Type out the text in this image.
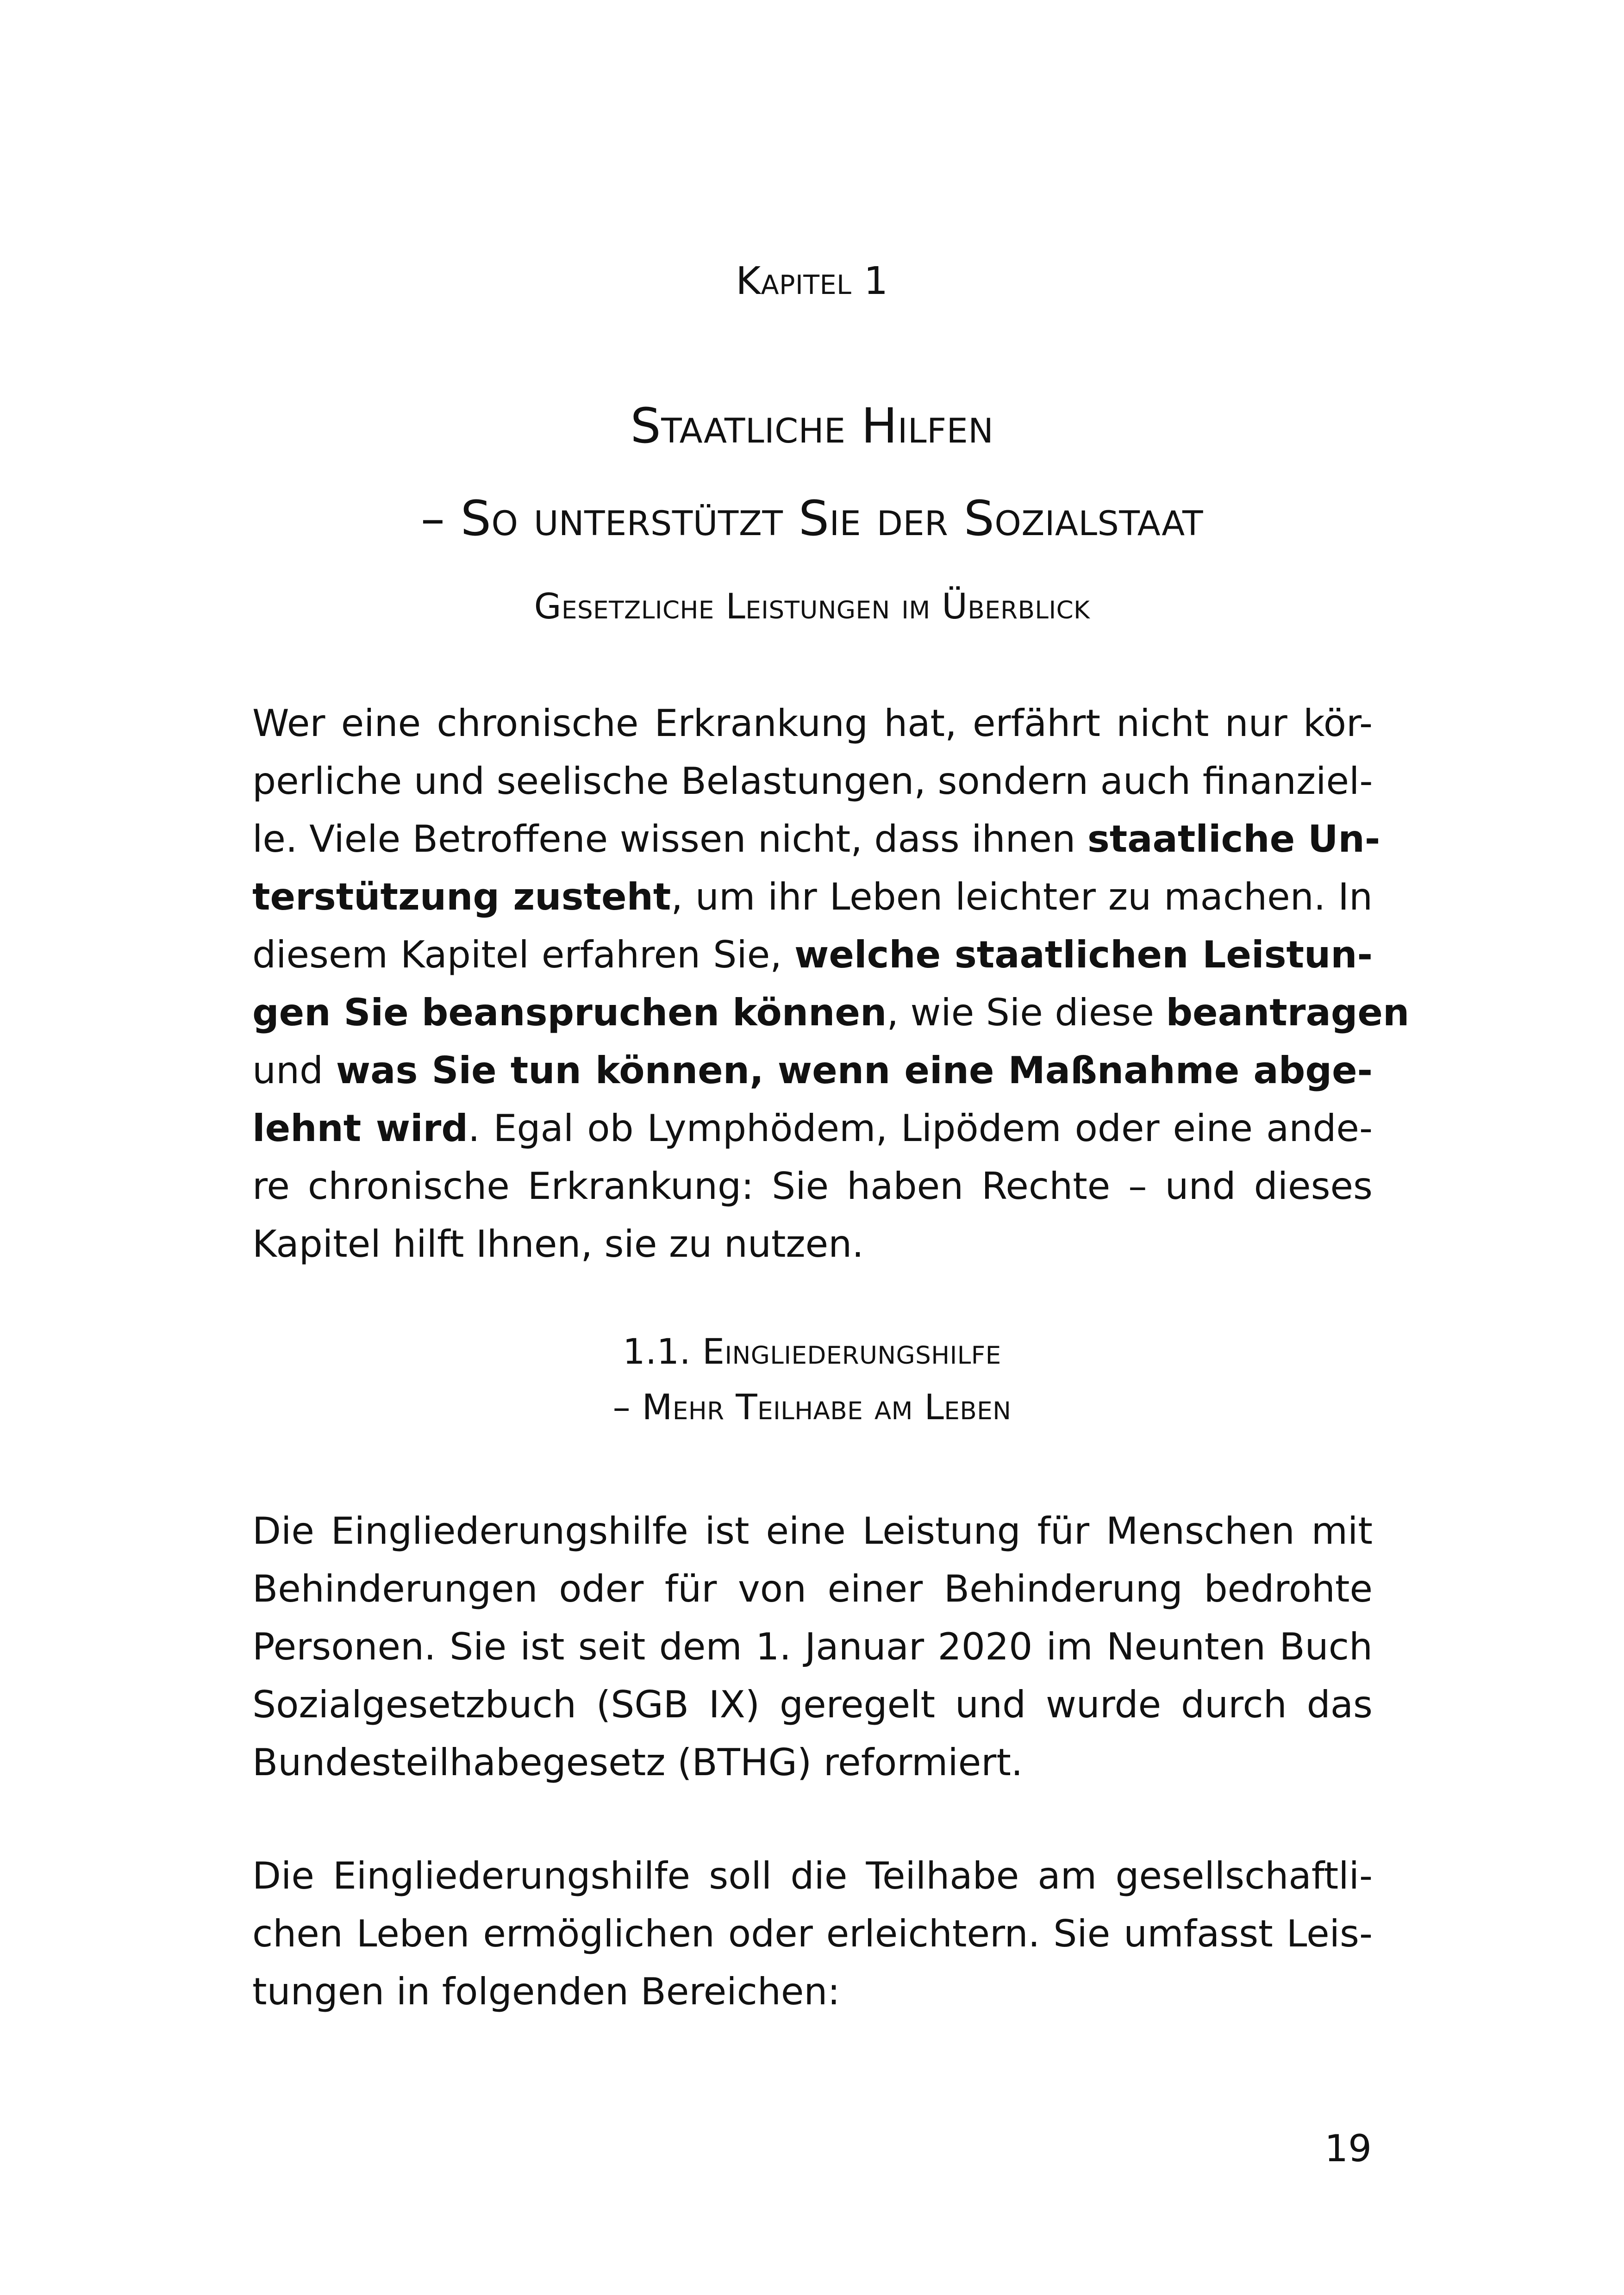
Kapitel 1
Staatliche Hilfen
– So unterstützt Sie der Sozialstaat
Gesetzliche Leistungen im Überblick
Wer eine chronische Erkrankung hat, erfährt nicht nur kör-
perliche und seelische Belastungen, sondern auch finanziel-
le. Viele Betroffene wissen nicht, dass ihnen staatliche Un-
terstützung zusteht, um ihr Leben leichter zu machen. In
diesem Kapitel erfahren Sie, welche staatlichen Leistun-
gen Sie beanspruchen können, wie Sie diese beantragen
und was Sie tun können, wenn eine Maßnahme abge-
lehnt wird. Egal ob Lymphödem, Lipödem oder eine ande-
re chronische Erkrankung: Sie haben Rechte – und dieses
Kapitel hilft Ihnen, sie zu nutzen.
1.1. Eingliederungshilfe
– Mehr Teilhabe am Leben
Die Eingliederungshilfe ist eine Leistung für Menschen mit
Behinderungen oder für von einer Behinderung bedrohte
Personen. Sie ist seit dem 1. Januar 2020 im Neunten Buch
Sozialgesetzbuch (SGB IX) geregelt und wurde durch das
Bundesteilhabegesetz (BTHG) reformiert.
Die Eingliederungshilfe soll die Teilhabe am gesellschaftli-
chen Leben ermöglichen oder erleichtern. Sie umfasst Leis-
tungen in folgenden Bereichen:
19
